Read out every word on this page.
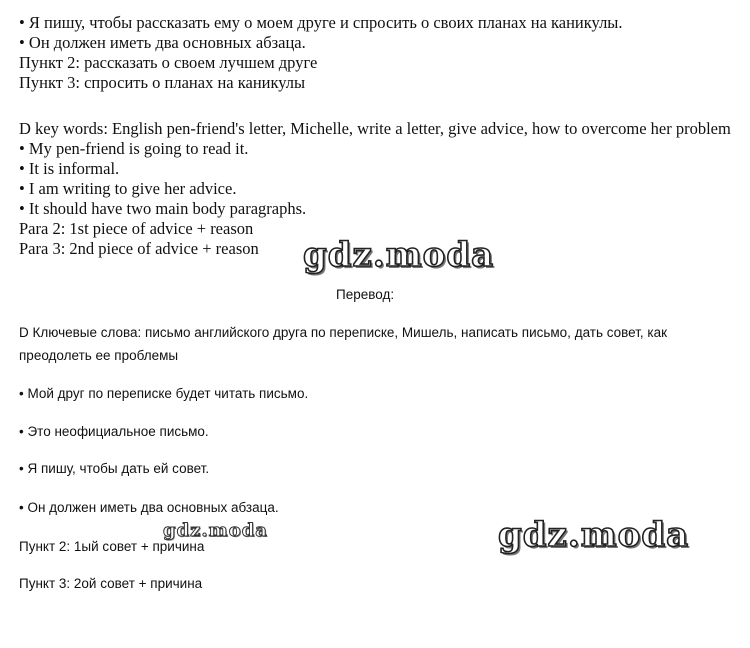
• Я пишу, чтобы рассказать ему о моем друге и спросить о своих планах на каникулы.
• Он должен иметь два основных абзаца.
Пункт 2: рассказать о своем лучшем друге
Пункт 3: спросить о планах на каникулы
D key words: English pen-friend's letter, Michelle, write a letter, give advice, how to overcome her problem
• My pen-friend is going to read it.
• It is informal.
• I am writing to give her advice.
• It should have two main body paragraphs.
Para 2: 1st piece of advice + reason
Para 3: 2nd piece of advice + reason	gdz.moda
Перевод:
D Ключевые слова: письмо английского друга по переписке, Мишель, написать письмо, дать совет, как преодолеть ее проблемы
• Мой друг по переписке будет читать письмо.
• Это неофициальное письмо.
• Я пишу, чтобы дать ей совет.
• Он должен иметь два основных абзаца.
gdz.moda
Пункт 2: 1ый совет + причина
Пункт 3: 2ой совет + причина
gdz.moda
